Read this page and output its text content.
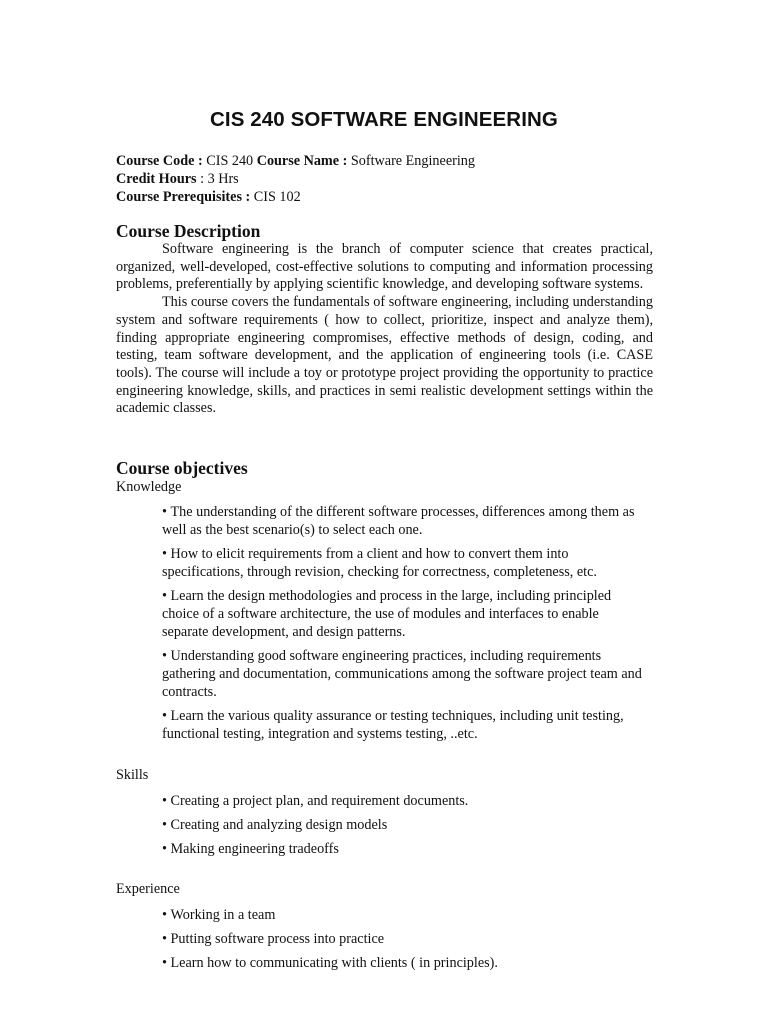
CIS 240 SOFTWARE ENGINEERING
Course Code : CIS 240 Course Name : Software Engineering
Credit Hours : 3 Hrs
Course Prerequisites : CIS 102
Course Description

Software engineering is the branch of computer science that creates practical, organized, well-developed, cost-effective solutions to computing and information processing problems, preferentially by applying scientific knowledge, and developing software systems.

This course covers the fundamentals of software engineering, including understanding system and software requirements ( how to collect, prioritize, inspect and analyze them), finding appropriate engineering compromises, effective methods of design, coding, and testing, team software development, and the application of engineering tools (i.e. CASE tools). The course will include a toy or prototype project providing the opportunity to practice engineering knowledge, skills, and practices in semi realistic development settings within the academic classes.

Course objectives
Knowledge
• The understanding of the different software processes, differences among them as well as the best scenario(s) to select each one.
• How to elicit requirements from a client and how to convert them into specifications, through revision, checking for correctness, completeness, etc.
• Learn the design methodologies and process in the large, including principled choice of a software architecture, the use of modules and interfaces to enable separate development, and design patterns.
• Understanding good software engineering practices, including requirements gathering and documentation, communications among the software project team and contracts.
• Learn the various quality assurance or testing techniques, including unit testing, functional testing, integration and systems testing, ..etc.
Skills
• Creating a project plan, and requirement documents.
• Creating and analyzing design models
• Making engineering tradeoffs
Experience
• Working in a team
• Putting software process into practice
• Learn how to communicating with clients ( in principles).
